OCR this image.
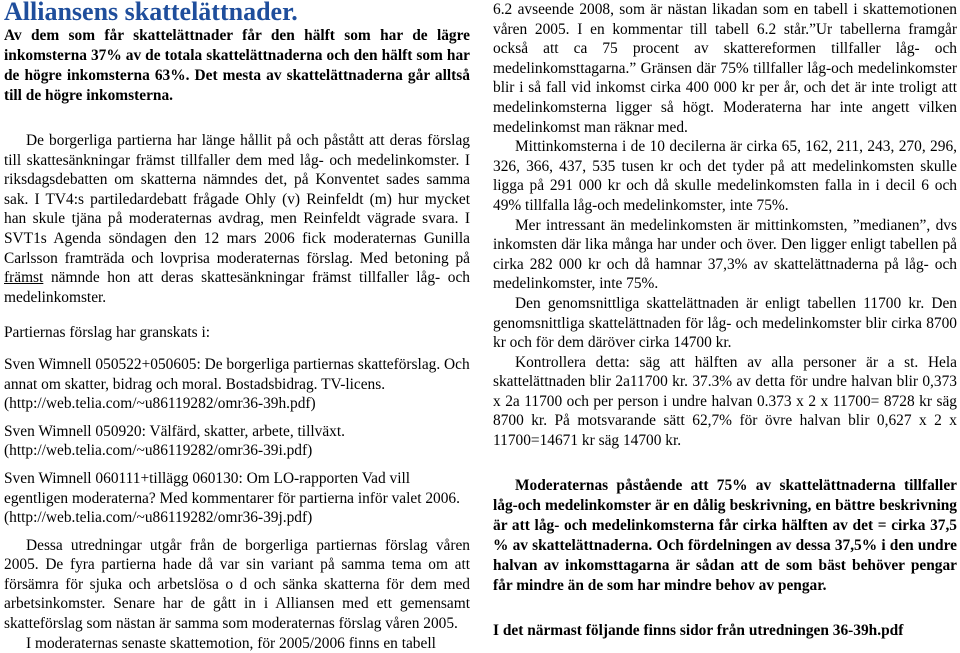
Alliansens skattelättnader.

Av dem som får skattelättnader får den hälft som har de lägre inkomsterna 37% av de totala skattelättnaderna och den hälft som har de högre inkomsterna 63%. Det mesta av skattelättnaderna går alltså till de högre inkomsterna.

De borgerliga partierna har länge hållit på och påstått att deras förslag till skattesänkningar främst tillfaller dem med låg- och medelinkomster. I riksdagsdebatten om skatterna nämndes det, på Konventet sades samma sak. I TV4:s partiledardebatt frågade Ohly (v) Reinfeldt (m) hur mycket han skule tjäna på moderaternas avdrag, men Reinfeldt vägrade svara. I SVT1s Agenda söndagen den 12 mars 2006 fick moderaternas Gunilla Carlsson framträda och lovprisa moderaternas förslag. Med betoning på främst nämnde hon att deras skattesänkningar främst tillfaller låg- och medelinkomster.

Partiernas förslag har granskats i:

Sven Wimnell 050522+050605: De borgerliga partiernas skatteförslag. Och annat om skatter, bidrag och moral. Bostadsbidrag. TV-licens. (http://web.telia.com/~u86119282/omr36-39h.pdf)

Sven Wimnell 050920: Välfärd, skatter, arbete, tillväxt. (http://web.telia.com/~u86119282/omr36-39i.pdf)

Sven Wimnell 060111+tillägg 060130: Om LO-rapporten Vad vill egentligen moderaterna? Med kommentarer för partierna inför valet 2006. (http://web.telia.com/~u86119282/omr36-39j.pdf)

Dessa utredningar utgår från de borgerliga partiernas förslag våren 2005. De fyra partierna hade då var sin variant på samma tema om att försämra för sjuka och arbetslösa o d och sänka skatterna för dem med arbetsinkomster. Senare har de gått in i Alliansen med ett gemensamt skatteförslag som nästan är samma som moderaternas förslag våren 2005.

I moderaternas senaste skattemotion, för 2005/2006 finns en tabell

6.2 avseende 2008, som är nästan likadan som en tabell i skattemotionen våren 2005. I en kommentar till tabell 6.2 står.”Ur tabellerna framgår också att ca 75 procent av skattereformen tillfaller låg- och medelinkomsttagarna.” Gränsen där 75% tillfaller låg-och medelinkomster blir i så fall vid inkomst cirka 400 000 kr per år, och det är inte troligt att medelinkomsterna ligger så högt. Moderaterna har inte angett vilken medelinkomst man räknar med.

Mittinkomsterna i de 10 decilerna är cirka 65, 162, 211, 243, 270, 296, 326, 366, 437, 535 tusen kr och det tyder på att medelinkomsten skulle ligga på 291 000 kr och då skulle medelinkomsten falla in i decil 6 och 49% tillfalla låg-och medelinkomster, inte 75%.

Mer intressant än medelinkomsten är mittinkomsten, ”medianen”, dvs inkomsten där lika många har under och över. Den ligger enligt tabellen på cirka 282 000 kr och då hamnar 37,3% av skattelättnaderna på låg- och medelinkomster, inte 75%.

Den genomsnittliga skattelättnaden är enligt tabellen 11700 kr. Den genomsnittliga skattelättnaden för låg- och medelinkomster blir cirka 8700 kr och för dem däröver cirka 14700 kr.

Kontrollera detta: säg att hälften av alla personer är a st. Hela skattelättnaden blir 2a11700 kr. 37.3% av detta för undre halvan blir 0,373 x 2a 11700 och per person i undre halvan 0.373 x 2 x 11700= 8728 kr säg 8700 kr. På motsvarande sätt 62,7% för övre halvan blir 0,627 x 2 x 11700=14671 kr säg 14700 kr.

Moderaternas påstående att 75% av skattelättnaderna tillfaller låg-och medelinkomster är en dålig beskrivning, en bättre beskrivning är att låg- och medelinkomsterna får cirka hälften av det = cirka 37,5 % av skattelättnaderna. Och fördelningen av dessa 37,5% i den undre halvan av inkomsttagarna är sådan att de som bäst behöver pengar får mindre än de som har mindre behov av pengar.

I det närmast följande finns sidor från utredningen 36-39h.pdf
